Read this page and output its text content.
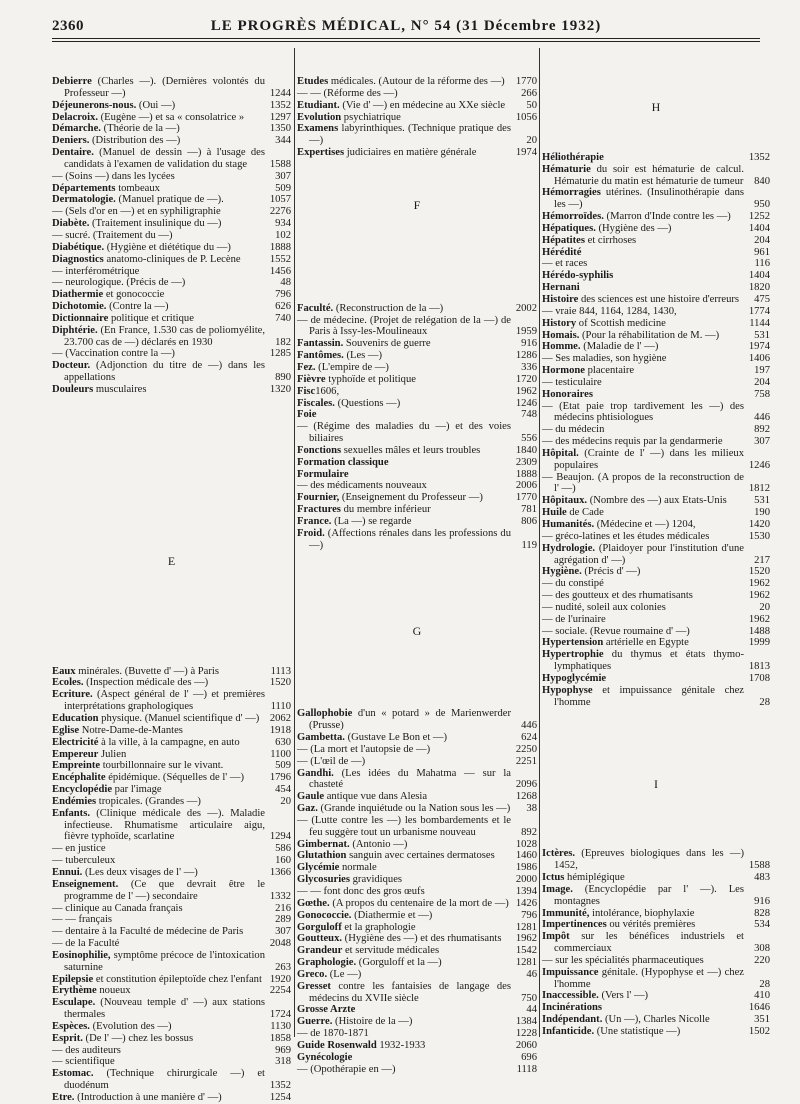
2360	LE PROGRÈS MÉDICAL, N° 54 (31 Décembre 1932)
Debierre (Charles —). (Dernières volontés du Professeur —)	1244
Déjeunerons-nous. (Oui —)	1352
Delacroix. (Eugène —) et sa « consolatrice »	1297
Démarche. (Théorie de la —)	1350
Deniers. (Distribution des —)	344
Dentaire. (Manuel de dessin —) à l'usage des candidats à l'examen de validation du stage	1588
— (Soins —) dans les lycées	307
Départements tombeaux	509
Dermatologie. (Manuel pratique de —).	1057
— (Sels d'or en —) et en syphiligraphie	2276
Diabète. (Traitement insulinique du —)	934
— sucré. (Traitement du —)	102
Diabétique. (Hygiène et diététique du —)	1888
Diagnostics anatomo-cliniques de P. Lecène	1552
— interférométrique	1456
— neurologique. (Précis de —)	48
Diathermie et gonococcie	796
Dichotomie. (Contre la —)	626
Dictionnaire politique et critique	740
Diphtérie. (En France, 1.530 cas de poliomyélite, 23.700 cas de —) déclarés en 1930	182
— (Vaccination contre la —)	1285
Docteur. (Adjonction du titre de —) dans les appellations	890
Douleurs musculaires	1320
E
Eaux minérales. (Buvette d' —) à Paris	1113
Ecoles. (Inspection médicale des —)	1520
Ecriture. (Aspect général de l' —) et premières interprétations graphologiques	1110
Education physique. (Manuel scientifique d' —) 2062
Eglise Notre-Dame-de-Mantes	1918
Electricité à la ville, à la campagne, en auto	630
Empereur Julien	1100
Empreinte tourbillonnaire sur le vivant.	509
Encéphalite épidémique. (Séquelles de l' —)	1796
Encyclopédie par l'image	454
Endémies tropicales. (Grandes —)	20
Enfants. (Clinique médicale des —). Maladie infectieuse. Rhumatisme articulaire aigu, fièvre typhoïde, scarlatine	1294
— en justice	586
— tuberculeux	160
Ennui. (Les deux visages de l' —)	1366
Enseignement. (Ce que devrait être le programme de l' —) secondaire	1332
— clinique au Canada français	216
— — français	289
— dentaire à la Faculté de médecine de Paris	307
— de la Faculté	2048
Eosinophilie, symptôme précoce de l'intoxication saturnine	263
Epilepsie et constitution épileptoïde chez l'enfant 1920
Erythème noueux	2254
Esculape. (Nouveau temple d' —) aux stations thermales	1724
Espèces. (Evolution des —)	1130
Esprit. (De l' —) chez les bossus	1858
— des auditeurs	969
— scientifique	318
Estomac. (Technique chirurgicale —) et duodénum	1352
Etre. (Introduction à une manière d' —)	1254
Etudes médicales. (Autour de la réforme des —)	1770
— — (Réforme des —)	266
Etudiant. (Vie d' —) en médecine au XXe siècle	50
Evolution psychiatrique	1056
Examens labyrinthiques. (Technique pratique des —)	20
Expertises judiciaires en matière générale	1974
F
Faculté. (Reconstruction de la —)	2002
— de médecine. (Projet de relégation de la —) de Paris à Issy-les-Moulineaux	1959
Fantassin. Souvenirs de guerre	916
Fantômes. (Les —)	1286
Fez. (L'empire de —)	336
Fièvre typhoïde et politique	1720
Fisc1606,	1962
Fiscales. (Questions —)	1246
Foie	748
— (Régime des maladies du —) et des voies biliaires	556
Fonctions sexuelles mâles et leurs troubles	1840
Formation classique	2309
Formulaire	1888
— des médicaments nouveaux	2006
Fournier, (Enseignement du Professeur —)	1770
Fractures du membre inférieur	781
France. (La —) se regarde	806
Froid. (Affections rénales dans les professions du —)	119
G
Gallophobie d'un « potard » de Marienwerder (Prusse)	446
Gambetta. (Gustave Le Bon et —)	624
— (La mort et l'autopsie de —)	2250
— (L'œil de —)	2251
Gandhi. (Les idées du Mahatma — sur la chasteté	2096
Gaule antique vue dans Alesia	1268
Gaz. (Grande inquiétude ou la Nation sous les —)	38
— (Lutte contre les —) les bombardements et le feu suggère tout un urbanisme nouveau	892
Gimbernat. (Antonio —)	1028
Glutathion sanguin avec certaines dermatoses	1460
Glycémie normale	1986
Glycosuries gravidiques	2000
— — font donc des gros œufs	1394
Gœthe. (A propos du centenaire de la mort de —) 1426
Gonococcie. (Diathermie et —)	796
Gorguloff et la graphologie	1281
Goutteux. (Hygiène des —) et des rhumatisants	1962
Grandeur et servitude médicales	1542
Graphologie. (Gorguloff et la —)	1281
Greco. (Le —)	46
Gresset contre les fantaisies de langage des médecins du XVIIe siècle	750
Grosse Arzte	44
Guerre. (Histoire de la —)	1384
— de 1870-1871	1228
Guide Rosenwald 1932-1933	2060
Gynécologie	696
— (Opothérapie en —)	1118
H
Héliothérapie	1352
Hématurie du soir est hématurie de calcul. Hématurie du matin est hématurie de tumeur	840
Hémorragies utérines. (Insulinothérapie dans les —)	950
Hémorroïdes. (Marron d'Inde contre les —)	1252
Hépatiques. (Hygiène des —)	1404
Hépatites et cirrhoses	204
Hérédité	961
— et races	116
Hérédo-syphilis	1404
Hernani	1820
Histoire des sciences est une histoire d'erreurs	475
— vraie 844, 1164, 1284, 1430,	1774
History of Scottish medicine	1144
Homais. (Pour la réhabilitation de M. —)	531
Homme. (Maladie de l' —)	1974
— Ses maladies, son hygiène	1406
Hormone placentaire	197
— testiculaire	204
Honoraires	758
— (Etat paie trop tardivement les —) des médecins phtisiologues	446
— du médecin	892
— des médecins requis par la gendarmerie	307
Hôpital. (Crainte de l' —) dans les milieux populaires	1246
— Beaujon. (A propos de la reconstruction de l' —)	1812
Hôpitaux. (Nombre des —) aux Etats-Unis	531
Huile de Cade	190
Humanités. (Médecine et —) 1204,	1420
— gréco-latines et les études médicales	1530
Hydrologie. (Plaidoyer pour l'institution d'une agrégation d' —)	217
Hygiène. (Précis d' —)	1520
— du constipé	1962
— des goutteux et des rhumatisants	1962
— nudité, soleil aux colonies	20
— de l'urinaire	1962
— sociale. (Revue roumaine d' —)	1488
Hypertension artérielle en Egypte	1999
Hypertrophie du thymus et états thymo-lymphatiques	1813
Hypoglycémie	1708
Hypophyse et impuissance génitale chez l'homme	28
I
Ictères. (Epreuves biologiques dans les —) 1452,	1588
Ictus hémiplégique	483
Image. (Encyclopédie par l' —). Les montagnes	916
Immunité, intolérance, biophylaxie	828
Impertinences ou vérités premières	534
Impôt sur les bénéfices industriels et commerciaux	308
— sur les spécialités pharmaceutiques	220
Impuissance génitale. (Hypophyse et —) chez l'homme	28
Inaccessible. (Vers l' —)	410
Incinérations	1646
Indépendant. (Un —), Charles Nicolle	351
Infanticide. (Une statistique —)	1502
